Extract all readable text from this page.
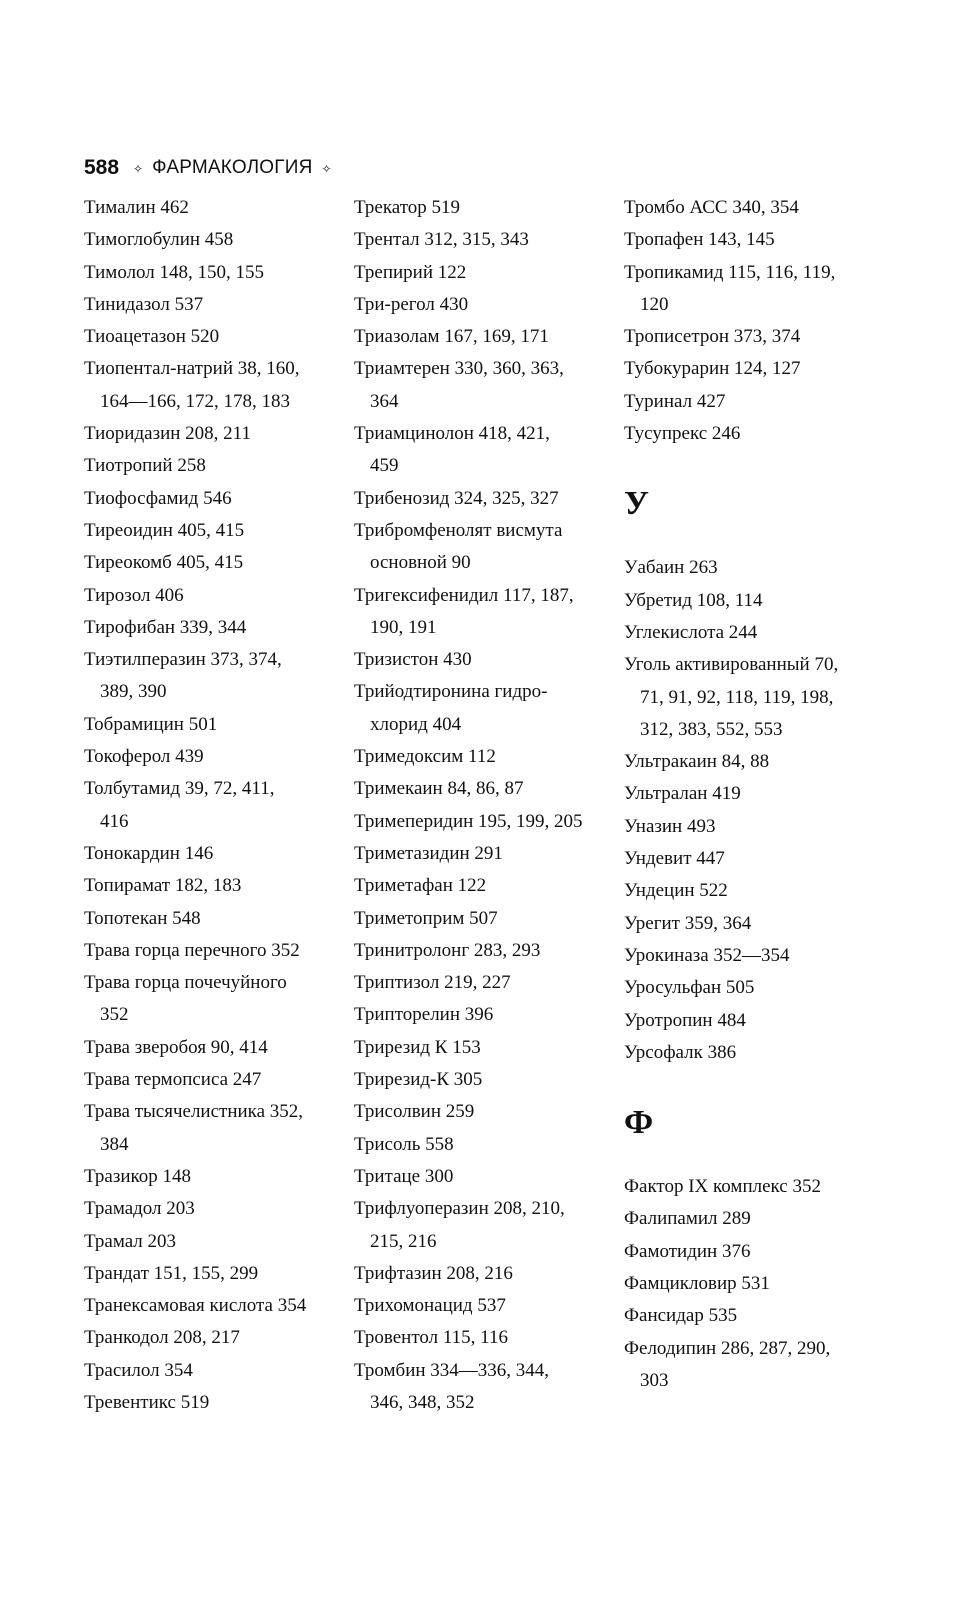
588 ✧ ФАРМАКОЛОГИЯ ✧
Тималин 462
Тимоглобулин 458
Тимолол 148, 150, 155
Тинидазол 537
Тиоацетазон 520
Тиопентал-натрий 38, 160,
164—166, 172, 178, 183
Тиоридазин 208, 211
Тиотропий 258
Тиофосфамид 546
Тиреоидин 405, 415
Тиреокомб 405, 415
Тирозол 406
Тирофибан 339, 344
Тиэтилперазин 373, 374,
389, 390
Тобрамицин 501
Токоферол 439
Толбутамид 39, 72, 411,
416
Тонокардин 146
Топирамат 182, 183
Топотекан 548
Трава горца перечного 352
Трава горца почечуйного
352
Трава зверобоя 90, 414
Трава термопсиса 247
Трава тысячелистника 352,
384
Тразикор 148
Трамадол 203
Трамал 203
Трандат 151, 155, 299
Транексамовая кислота 354
Транкодол 208, 217
Трасилол 354
Тревентикс 519
Трекатор 519
Трентал 312, 315, 343
Трепирий 122
Три-регол 430
Триазолам 167, 169, 171
Триамтерен 330, 360, 363,
364
Триамцинолон 418, 421,
459
Трибенозид 324, 325, 327
Трибромфенолят висмута
основной 90
Тригексифенидил 117, 187,
190, 191
Тризистон 430
Трийодтиронина гидро-
хлорид 404
Тримедоксим 112
Тримекаин 84, 86, 87
Тримеперидин 195, 199, 205
Триметазидин 291
Триметафан 122
Триметоприм 507
Тринитролонг 283, 293
Триптизол 219, 227
Трипторелин 396
Трирезид К 153
Трирезид-К 305
Трисолвин 259
Трисоль 558
Тритаце 300
Трифлуоперазин 208, 210,
215, 216
Трифтазин 208, 216
Трихомонацид 537
Тровентол 115, 116
Тромбин 334—336, 344,
346, 348, 352
Тромбо АСС 340, 354
Тропафен 143, 145
Тропикамид 115, 116, 119,
120
Трописетрон 373, 374
Тубокурарин 124, 127
Туринал 427
Тусупрекс 246
У
Уабаин 263
Убретид 108, 114
Углекислота 244
Уголь активированный 70,
71, 91, 92, 118, 119, 198,
312, 383, 552, 553
Ультракаин 84, 88
Ультралан 419
Уназин 493
Ундевит 447
Ундецин 522
Урегит 359, 364
Урокиназа 352—354
Уросульфан 505
Уротропин 484
Урсофалк 386
Ф
Фактор IX комплекс 352
Фалипамил 289
Фамотидин 376
Фамцикловир 531
Фансидар 535
Фелодипин 286, 287, 290,
303
